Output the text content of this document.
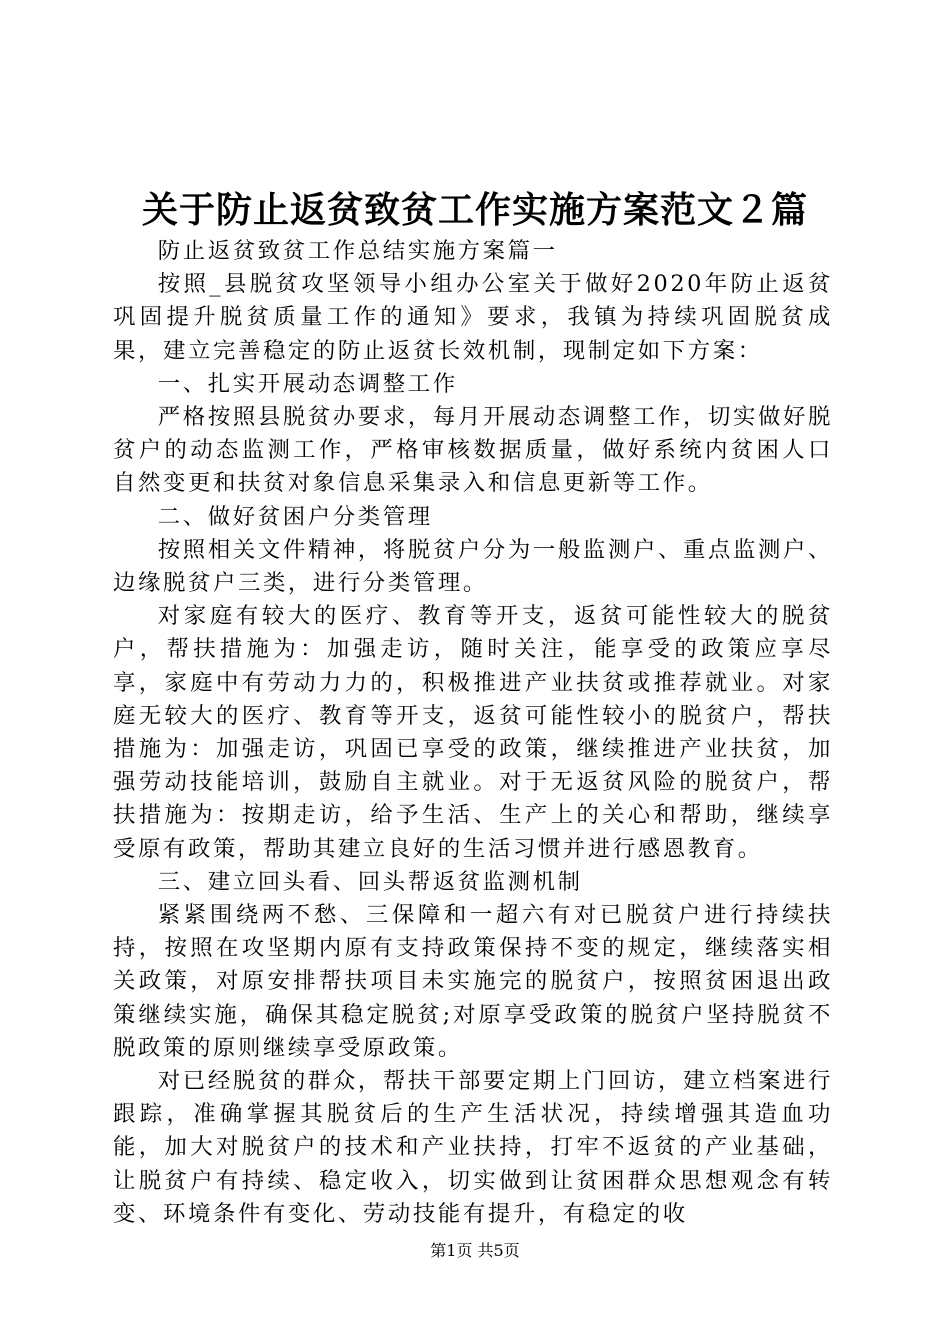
关于防止返贫致贫工作实施方案范文２篇

防止返贫致贫工作总结实施方案篇一

按照_县脱贫攻坚领导小组办公室关于做好2020年防止返贫巩固提升脱贫质量工作的通知》要求，我镇为持续巩固脱贫成果，建立完善稳定的防止返贫长效机制，现制定如下方案：

一、扎实开展动态调整工作

严格按照县脱贫办要求，每月开展动态调整工作，切实做好脱贫户的动态监测工作，严格审核数据质量，做好系统内贫困人口自然变更和扶贫对象信息采集录入和信息更新等工作。

二、做好贫困户分类管理

按照相关文件精神，将脱贫户分为一般监测户、重点监测户、边缘脱贫户三类，进行分类管理。

对家庭有较大的医疗、教育等开支，返贫可能性较大的脱贫户，帮扶措施为：加强走访，随时关注，能享受的政策应享尽享，家庭中有劳动力力的，积极推进产业扶贫或推荐就业。对家庭无较大的医疗、教育等开支，返贫可能性较小的脱贫户，帮扶措施为：加强走访，巩固已享受的政策，继续推进产业扶贫，加强劳动技能培训，鼓励自主就业。对于无返贫风险的脱贫户，帮扶措施为：按期走访，给予生活、生产上的关心和帮助，继续享受原有政策，帮助其建立良好的生活习惯并进行感恩教育。

三、建立回头看、回头帮返贫监测机制

紧紧围绕两不愁、三保障和一超六有对已脱贫户进行持续扶持，按照在攻坚期内原有支持政策保持不变的规定，继续落实相关政策，对原安排帮扶项目未实施完的脱贫户，按照贫困退出政策继续实施，确保其稳定脱贫;对原享受政策的脱贫户坚持脱贫不脱政策的原则继续享受原政策。

对已经脱贫的群众，帮扶干部要定期上门回访，建立档案进行跟踪，准确掌握其脱贫后的生产生活状况，持续增强其造血功能，加大对脱贫户的技术和产业扶持，打牢不返贫的产业基础，让脱贫户有持续、稳定收入，切实做到让贫困群众思想观念有转变、环境条件有变化、劳动技能有提升，有稳定的收

第1页 共5页
